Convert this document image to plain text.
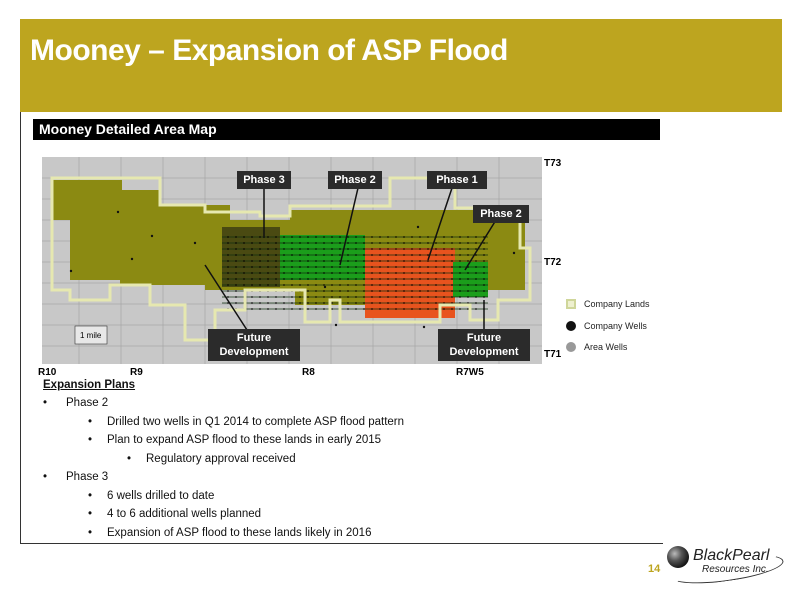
Mooney – Expansion of ASP Flood
Mooney Detailed Area Map
Phase 3	Phase 2	Phase 1
Phase 2
Future Development
Future Development
1 mile
T73
T72
T71
R10	R9	R8	R7W5
Company Lands
Company Wells
Area Wells
Expansion Plans
• Phase 2
• Drilled two wells in Q1 2014 to complete ASP flood pattern
• Plan to expand ASP flood to these lands in early 2015
• Regulatory approval received
• Phase 3
• 6 wells drilled to date
• 4 to 6 additional wells planned
• Expansion of ASP flood to these lands likely in 2016
14
BlackPearl
Resources Inc.
